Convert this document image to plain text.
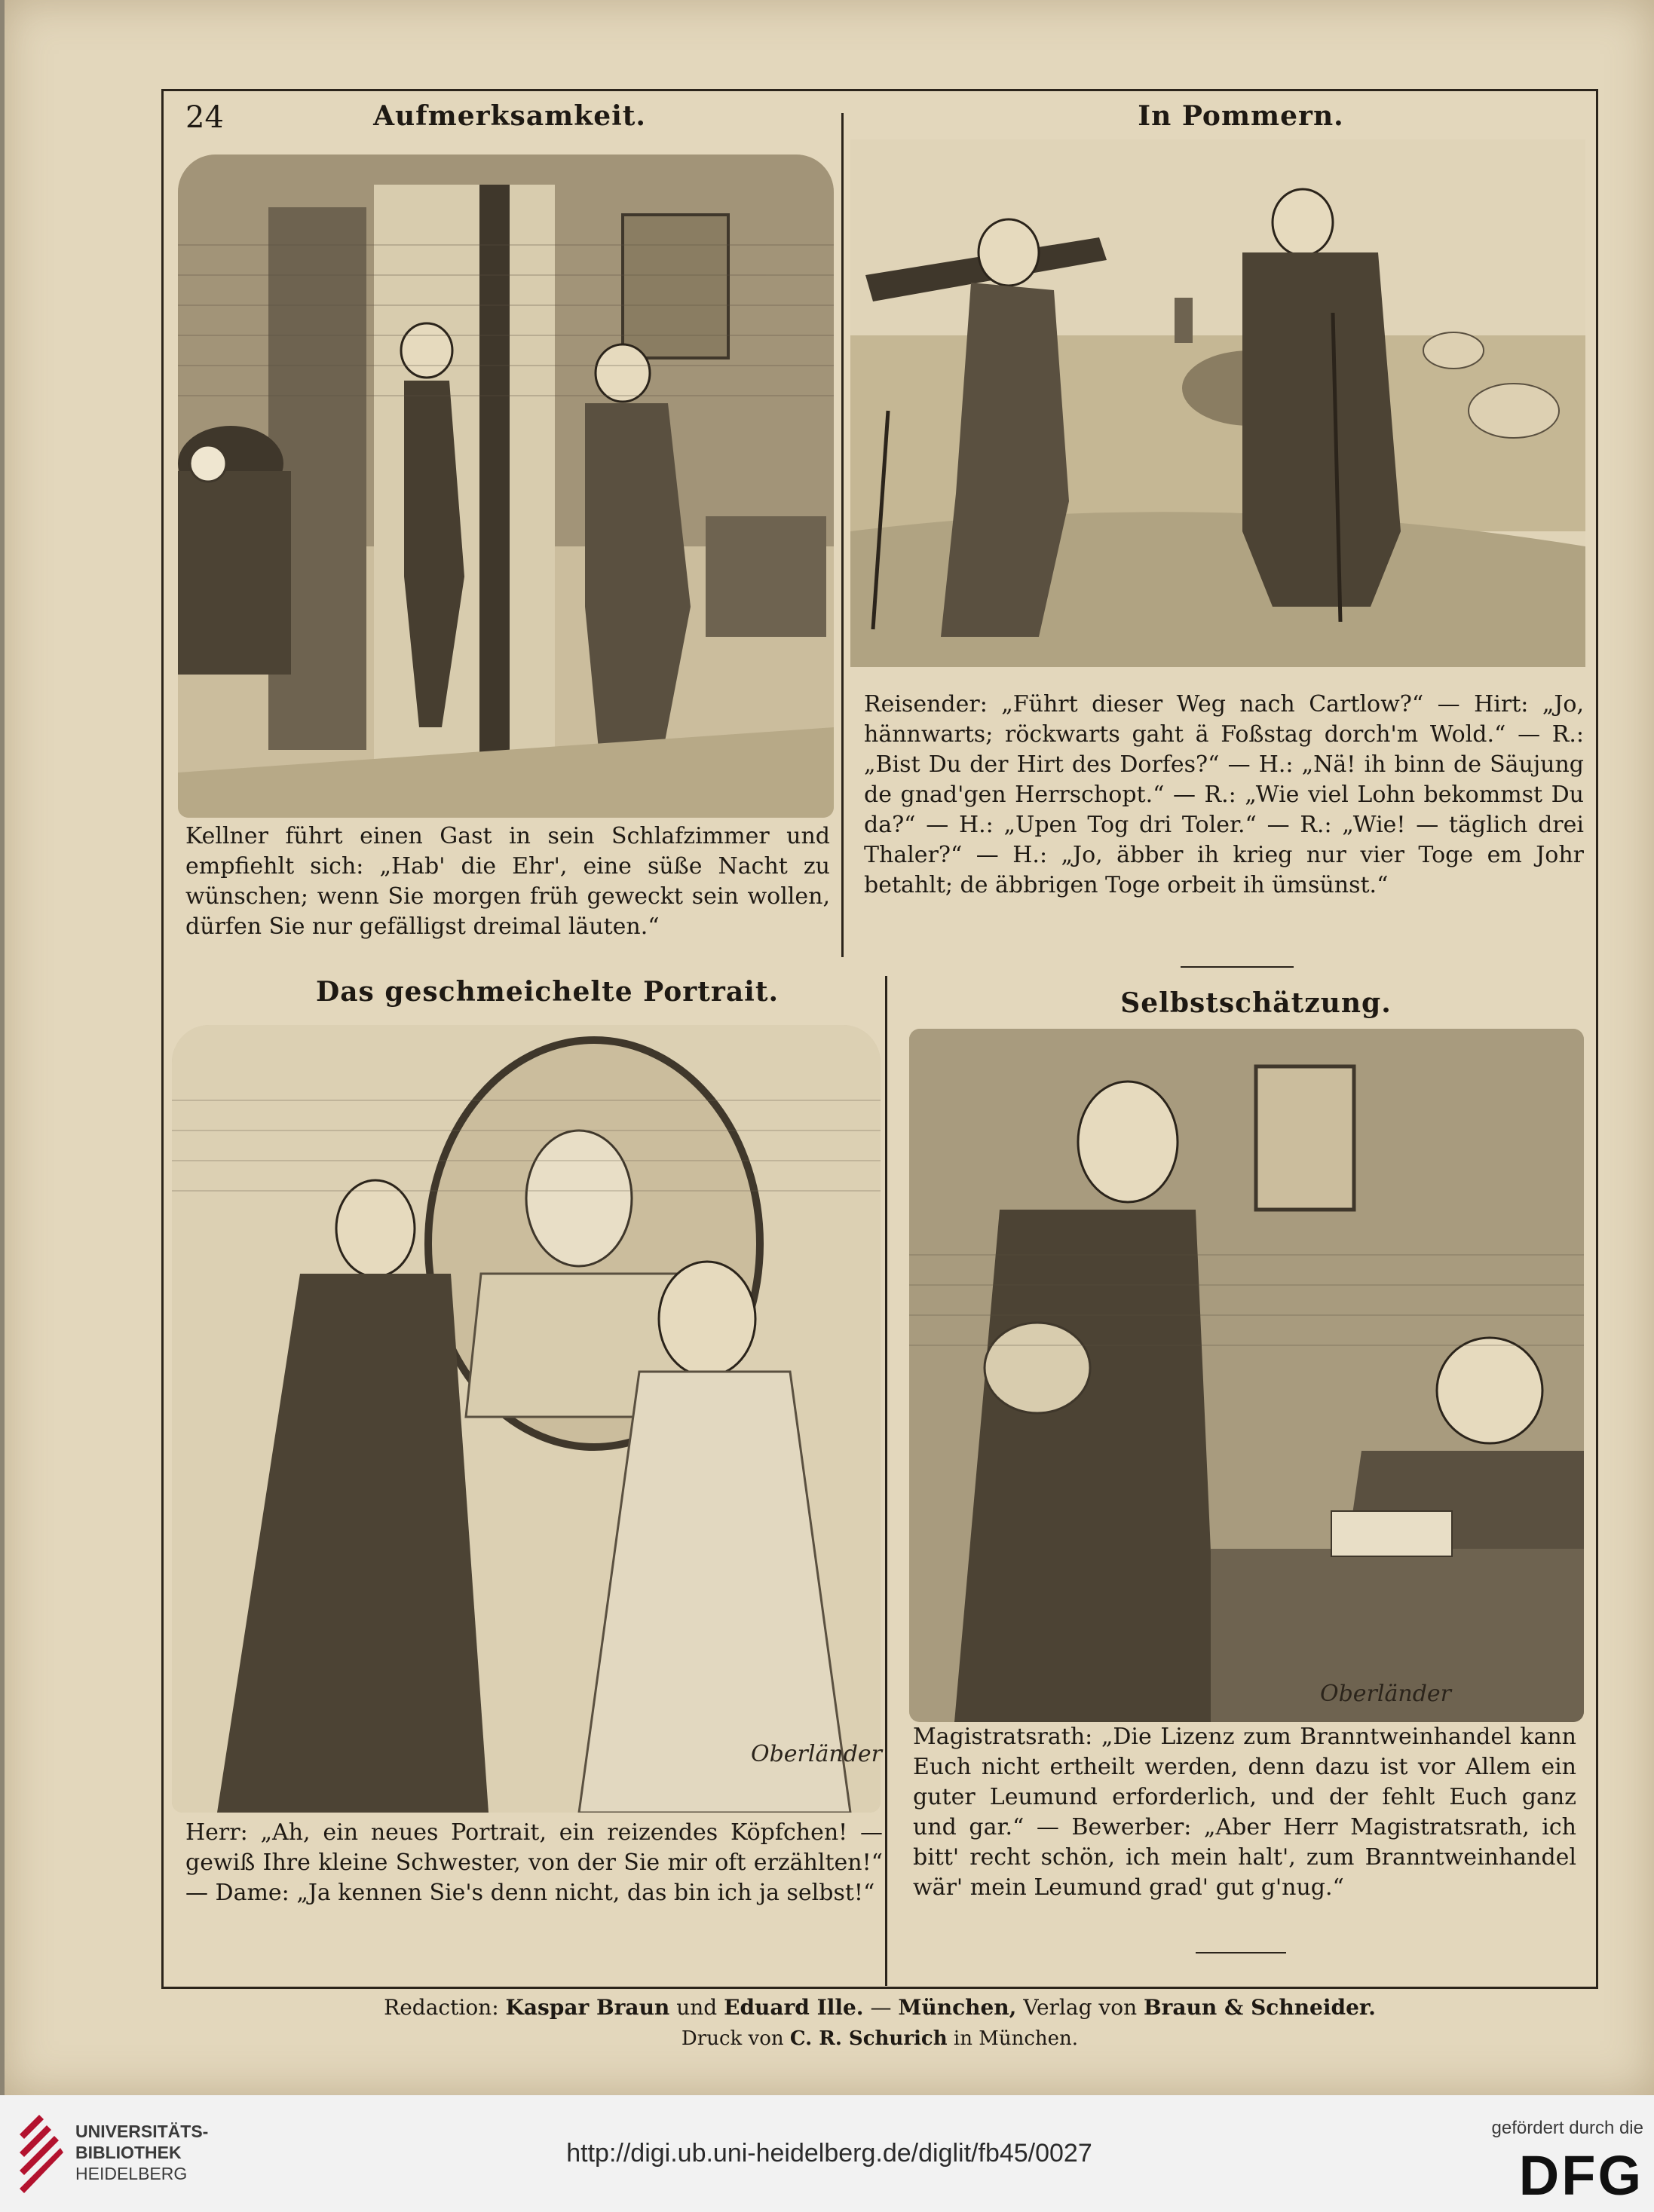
24	Aufmerksamkeit.
Kellner führt einen Gast in sein Schlafzimmer und empfiehlt sich: „Hab' die Ehr', eine süße Nacht zu wünschen; wenn Sie morgen früh geweckt sein wollen, dürfen Sie nur gefälligst dreimal läuten.“
In Pommern.
Reisender: „Führt dieser Weg nach Cartlow?“ — Hirt: „Jo, hännwarts; röckwarts gaht ä Foßstag dorch'm Wold.“ — R.: „Bist Du der Hirt des Dorfes?“ — H.: „Nä! ih binn de Säujung de gnad'gen Herrschopt.“ — R.: „Wie viel Lohn bekommst Du da?“ — H.: „Upen Tog dri Toler.“ — R.: „Wie! — täglich drei Thaler?“ — H.: „Jo, äbber ih krieg nur vier Toge em Johr betahlt; de äbbrigen Toge orbeit ih ümsünst.“
Das geschmeichelte Portrait.
Oberländer
Herr: „Ah, ein neues Portrait, ein reizendes Köpfchen! — gewiß Ihre kleine Schwester, von der Sie mir oft erzählten!“ — Dame: „Ja kennen Sie's denn nicht, das bin ich ja selbst!“
Selbstschätzung.
Oberländer
Magistratsrath: „Die Lizenz zum Branntweinhandel kann Euch nicht ertheilt werden, denn dazu ist vor Allem ein guter Leumund erforderlich, und der fehlt Euch ganz und gar.“ — Bewerber: „Aber Herr Magistratsrath, ich bitt' recht schön, ich mein halt', zum Branntweinhandel wär' mein Leumund grad' gut g'nug.“
Redaction: Kaspar Braun und Eduard Ille. — München, Verlag von Braun & Schneider.
Druck von C. R. Schurich in München.
UNIVERSITÄTS-
BIBLIOTHEK
HEIDELBERG
http://digi.ub.uni-heidelberg.de/diglit/fb45/0027
gefördert durch die
DFG
